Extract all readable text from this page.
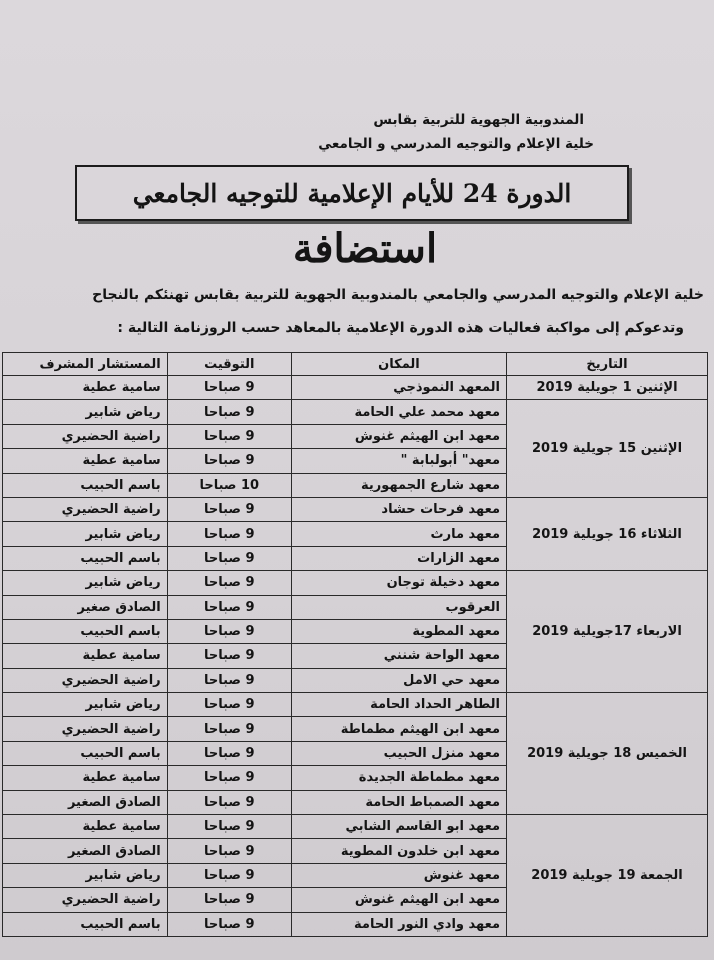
المندوبية الجهوية للتربية بقابس
خلية الإعلام والتوجيه المدرسي و الجامعي
الدورة 24 للأيام الإعلامية للتوجيه الجامعي
استضافة
خلية الإعلام والتوجيه المدرسي والجامعي بالمندوبية الجهوية للتربية بقابس تهنئكم بالنجاح
وتدعوكم إلى مواكبة فعاليات هذه الدورة الإعلامية بالمعاهد حسب الروزنامة التالية :
التاريخ	المكان	التوقيت	المستشار المشرف
الإثنين 1 جويلية 2019	المعهد النموذجي	9 صباحا	سامية عطية
الإثنين 15 جويلية 2019	معهد محمد علي الحامة	9 صباحا	رياض شابير
	معهد ابن الهيثم غنوش	9 صباحا	راضية الحضيري
	معهد" أبولبابة "	9 صباحا	سامية عطية
	معهد شارع الجمهورية	10 صباحا	باسم الحبيب
الثلاثاء 16 جويلية 2019	معهد فرحات حشاد	9 صباحا	راضية الحضيري
	معهد مارث	9 صباحا	رياض شابير
	معهد الزارات	9 صباحا	باسم الحبيب
الاربعاء 17جويلية 2019	معهد دخيلة توجان	9 صباحا	رياض شابير
	العرقوب	9 صباحا	الصادق صغير
	معهد المطوية	9 صباحا	باسم الحبيب
	معهد الواحة شنني	9 صباحا	سامية عطية
	معهد حي الامل	9 صباحا	راضية الحضيري
الخميس 18 جويلية 2019	الطاهر الحداد الحامة	9 صباحا	رياض شابير
	معهد ابن الهيثم مطماطة	9 صباحا	راضية الحضيري
	معهد منزل الحبيب	9 صباحا	باسم الحبيب
	معهد مطماطة الجديدة	9 صباحا	سامية عطية
	معهد الصمباط الحامة	9 صباحا	الصادق الصغير
الجمعة 19 جويلية 2019	معهد ابو القاسم الشابي	9 صباحا	سامية عطية
	معهد ابن خلدون المطوية	9 صباحا	الصادق الصغير
	معهد غنوش	9 صباحا	رياض شابير
	معهد ابن الهيثم غنوش	9 صباحا	راضية الحضيري
	معهد وادي النور الحامة	9 صباحا	باسم الحبيب
